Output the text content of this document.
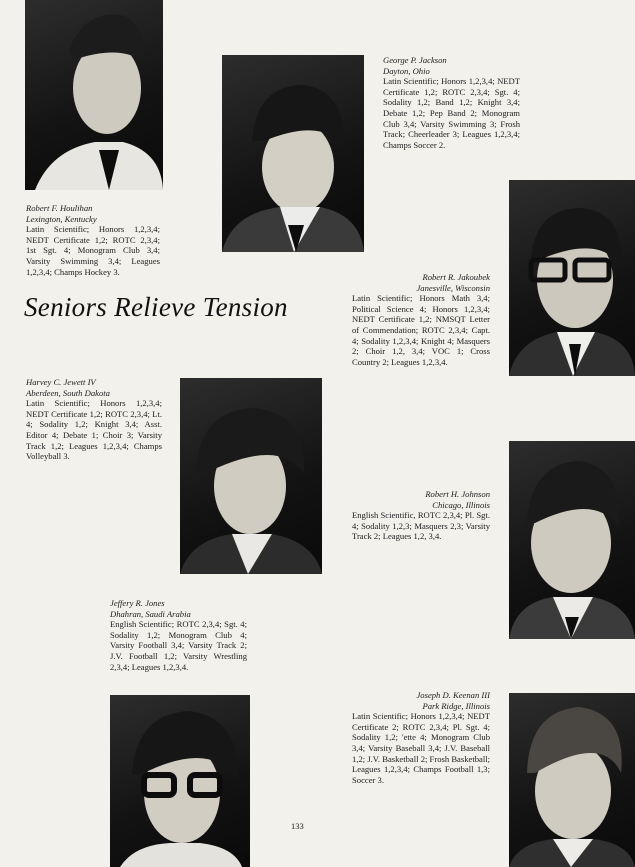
Seniors Relieve Tension
Robert F. Houlihan
Lexington, Kentucky
Latin Scientific; Honors 1,2,3,4; NEDT Certificate 1,2; ROTC 2,3,4; 1st Sgt. 4; Monogram Club 3,4; Varsity Swimming 3,4; Leagues 1,2,3,4; Champs Hockey 3.
George P. Jackson
Dayton, Ohio
Latin Scientific; Honors 1,2,3,4; NEDT Certificate 1,2; ROTC 2,3,4; Sgt. 4; Sodality 1,2; Band 1,2; Knight 3,4; Debate 1,2; Pep Band 2; Monogram Club 3,4; Varsity Swimming 3; Frosh Track; Cheerleader 3; Leagues 1,2,3,4; Champs Soccer 2.
Robert R. Jakoubek
Janesville, Wisconsin
Latin Scientific; Honors Math 3,4; Political Science 4; Honors 1,2,3,4; NEDT Certificate 1,2; NMSQT Letter of Commendation; ROTC 2,3,4; Capt. 4; Sodality 1,2,3,4; Knight 4; Masquers 2; Choir 1,2, 3,4; VOC 1; Cross Country 2; Leagues 1,2,3,4.
Harvey C. Jewett IV
Aberdeen, South Dakota
Latin Scientific; Honors 1,2,3,4; NEDT Certificate 1,2; ROTC 2,3,4; Lt. 4; Sodality 1,2; Knight 3,4; Asst. Editor 4; Debate 1; Choir 3; Varsity Track 1,2; Leagues 1,2,3,4; Champs Volleyball 3.
Robert H. Johnson
Chicago, Illinois
English Scientific, ROTC 2,3,4; Pl. Sgt. 4; Sodality 1,2,3; Masquers 2,3; Varsity Track 2; Leagues 1,2, 3,4.
Jeffery R. Jones
Dhahran, Saudi Arabia
English Scientific; ROTC 2,3,4; Sgt. 4; Sodality 1,2; Monogram Club 4; Varsity Football 3,4; Varsity Track 2; J.V. Football 1,2; Varsity Wrestling 2,3,4; Leagues 1,2,3,4.
Joseph D. Keenan III
Park Ridge, Illinois
Latin Scientific; Honors 1,2,3,4; NEDT Certificate 2; ROTC 2,3,4; Pl. Sgt. 4; Sodality 1,2; 'ette 4; Monogram Club 3,4; Varsity Baseball 3,4; J.V. Baseball 1,2; J.V. Basketball 2; Frosh Basketball; Leagues 1,2,3,4; Champs Football 1,3; Soccer 3.
133
